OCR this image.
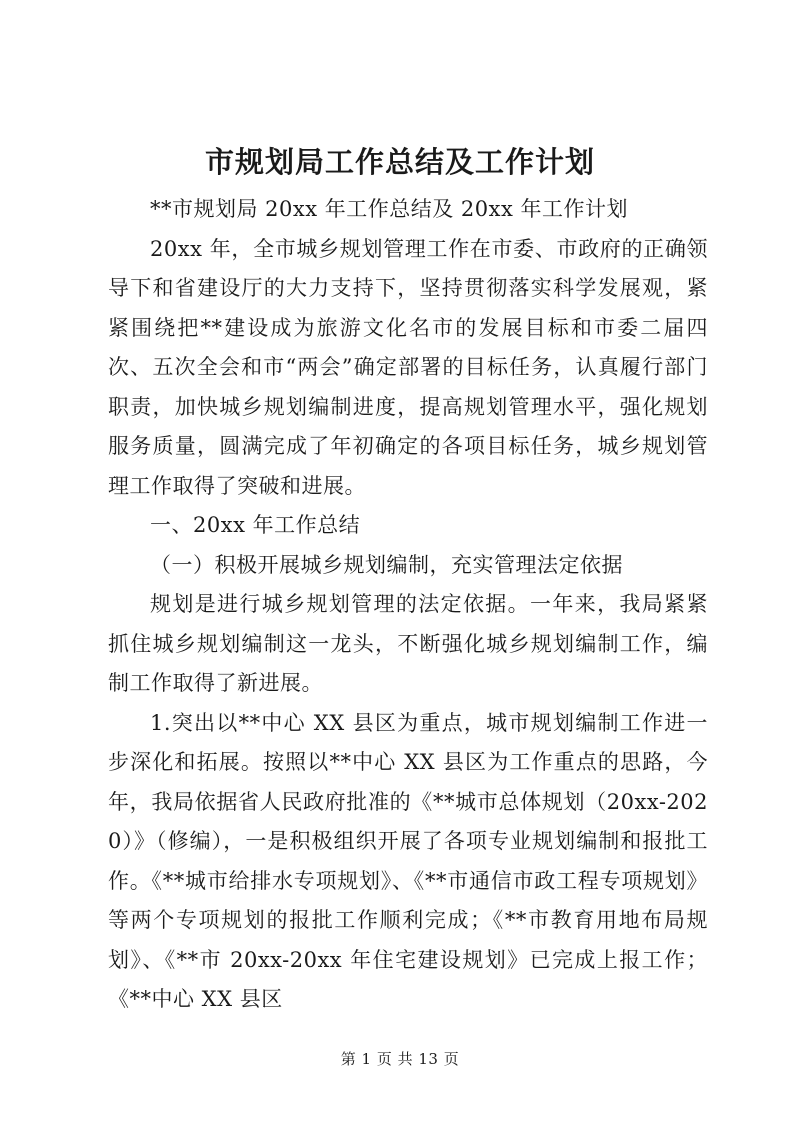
市规划局工作总结及工作计划

**市规划局 20xx 年工作总结及 20xx 年工作计划

20xx 年，全市城乡规划管理工作在市委、市政府的正确领导下和省建设厅的大力支持下，坚持贯彻落实科学发展观，紧紧围绕把**建设成为旅游文化名市的发展目标和市委二届四次、五次全会和市“两会”确定部署的目标任务，认真履行部门职责，加快城乡规划编制进度，提高规划管理水平，强化规划服务质量，圆满完成了年初确定的各项目标任务，城乡规划管理工作取得了突破和进展。

一、20xx 年工作总结

（一）积极开展城乡规划编制，充实管理法定依据

规划是进行城乡规划管理的法定依据。一年来，我局紧紧抓住城乡规划编制这一龙头，不断强化城乡规划编制工作，编制工作取得了新进展。

1.突出以**中心 XX 县区为重点，城市规划编制工作进一步深化和拓展。按照以**中心 XX 县区为工作重点的思路，今年，我局依据省人民政府批准的《**城市总体规划（20xx-2020）》（修编），一是积极组织开展了各项专业规划编制和报批工作。《**城市给排水专项规划》、《**市通信市政工程专项规划》等两个专项规划的报批工作顺利完成；《**市教育用地布局规划》、《**市 20xx-20xx 年住宅建设规划》已完成上报工作；《**中心 XX 县区

第 1 页 共 13 页
